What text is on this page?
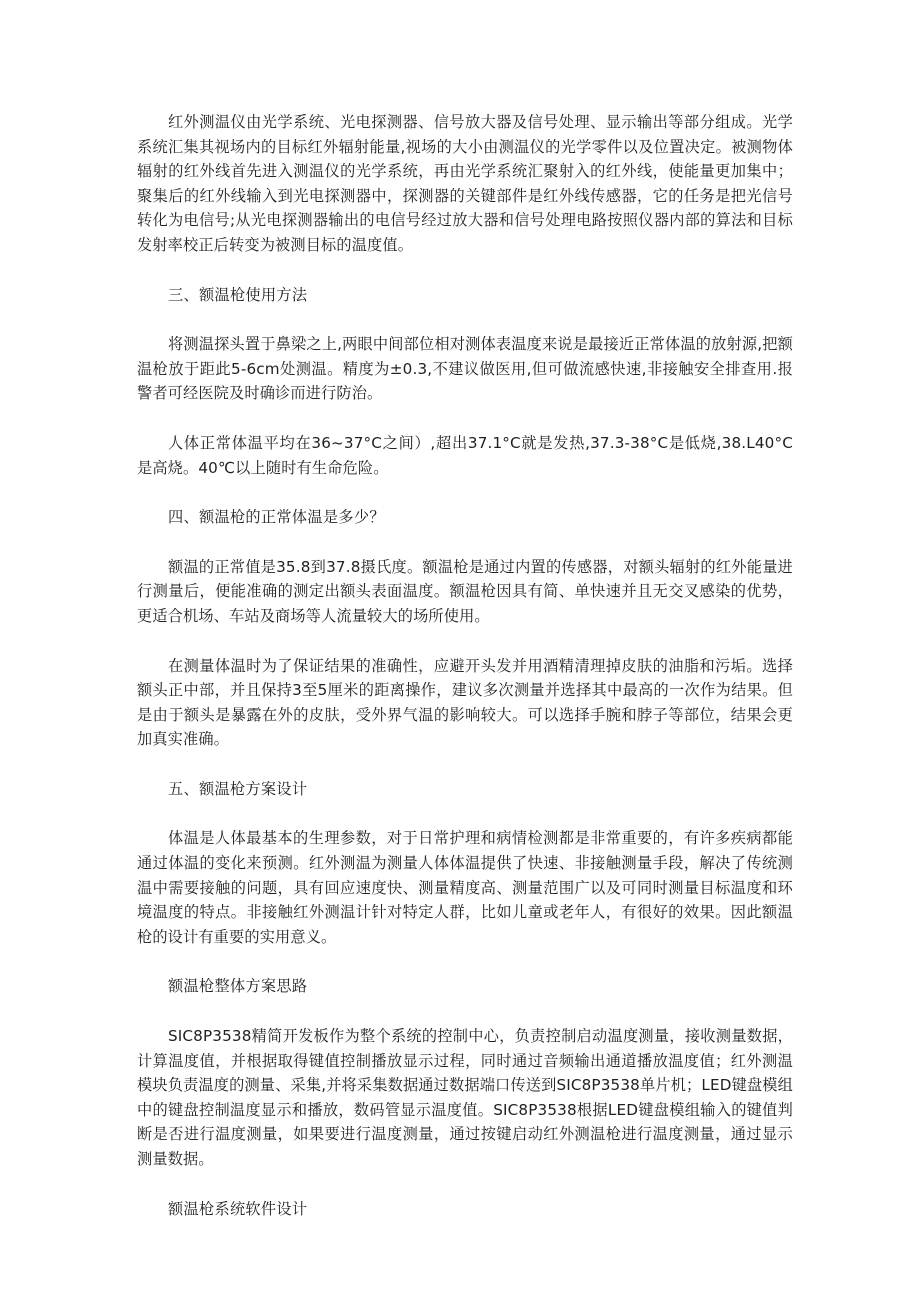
红外测温仪由光学系统、光电探测器、信号放大器及信号处理、显示输出等部分组成。光学系统汇集其视场内的目标红外辐射能量,视场的大小由测温仪的光学零件以及位置决定。被测物体辐射的红外线首先进入测温仪的光学系统，再由光学系统汇聚射入的红外线，使能量更加集中；聚集后的红外线输入到光电探测器中，探测器的关键部件是红外线传感器，它的任务是把光信号转化为电信号;从光电探测器输出的电信号经过放大器和信号处理电路按照仪器内部的算法和目标发射率校正后转变为被测目标的温度值。

三、额温枪使用方法

将测温探头置于鼻梁之上,两眼中间部位相对测体表温度来说是最接近正常体温的放射源,把额温枪放于距此5-6cm处测温。精度为±0.3,不建议做医用,但可做流感快速,非接触安全排查用.报警者可经医院及时确诊而进行防治。

人体正常体温平均在36~37°C之间）,超出37.1°C就是发热,37.3-38°C是低烧,38.L40°C是高烧。40℃以上随时有生命危险。

四、额温枪的正常体温是多少？

额温的正常值是35.8到37.8摄氏度。额温枪是通过内置的传感器，对额头辐射的红外能量进行测量后，便能准确的测定出额头表面温度。额温枪因具有简、单快速并且无交叉感染的优势，更适合机场、车站及商场等人流量较大的场所使用。

在测量体温时为了保证结果的准确性，应避开头发并用酒精清理掉皮肤的油脂和污垢。选择额头正中部，并且保持3至5厘米的距离操作，建议多次测量并选择其中最高的一次作为结果。但是由于额头是暴露在外的皮肤，受外界气温的影响较大。可以选择手腕和脖子等部位，结果会更加真实准确。

五、额温枪方案设计

体温是人体最基本的生理参数，对于日常护理和病情检测都是非常重要的，有许多疾病都能通过体温的变化来预测。红外测温为测量人体体温提供了快速、非接触测量手段，解决了传统测温中需要接触的问题，具有回应速度快、测量精度高、测量范围广以及可同时测量目标温度和环境温度的特点。非接触红外测温计针对特定人群，比如儿童或老年人，有很好的效果。因此额温枪的设计有重要的实用意义。

额温枪整体方案思路

SIC8P3538精简开发板作为整个系统的控制中心，负责控制启动温度测量，接收测量数据，计算温度值，并根据取得键值控制播放显示过程，同时通过音频输出通道播放温度值；红外测温模块负责温度的测量、采集,并将采集数据通过数据端口传送到SIC8P3538单片机；LED键盘模组中的键盘控制温度显示和播放，数码管显示温度值。SIC8P3538根据LED键盘模组输入的键值判断是否进行温度测量，如果要进行温度测量，通过按键启动红外测温枪进行温度测量，通过显示测量数据。

额温枪系统软件设计
